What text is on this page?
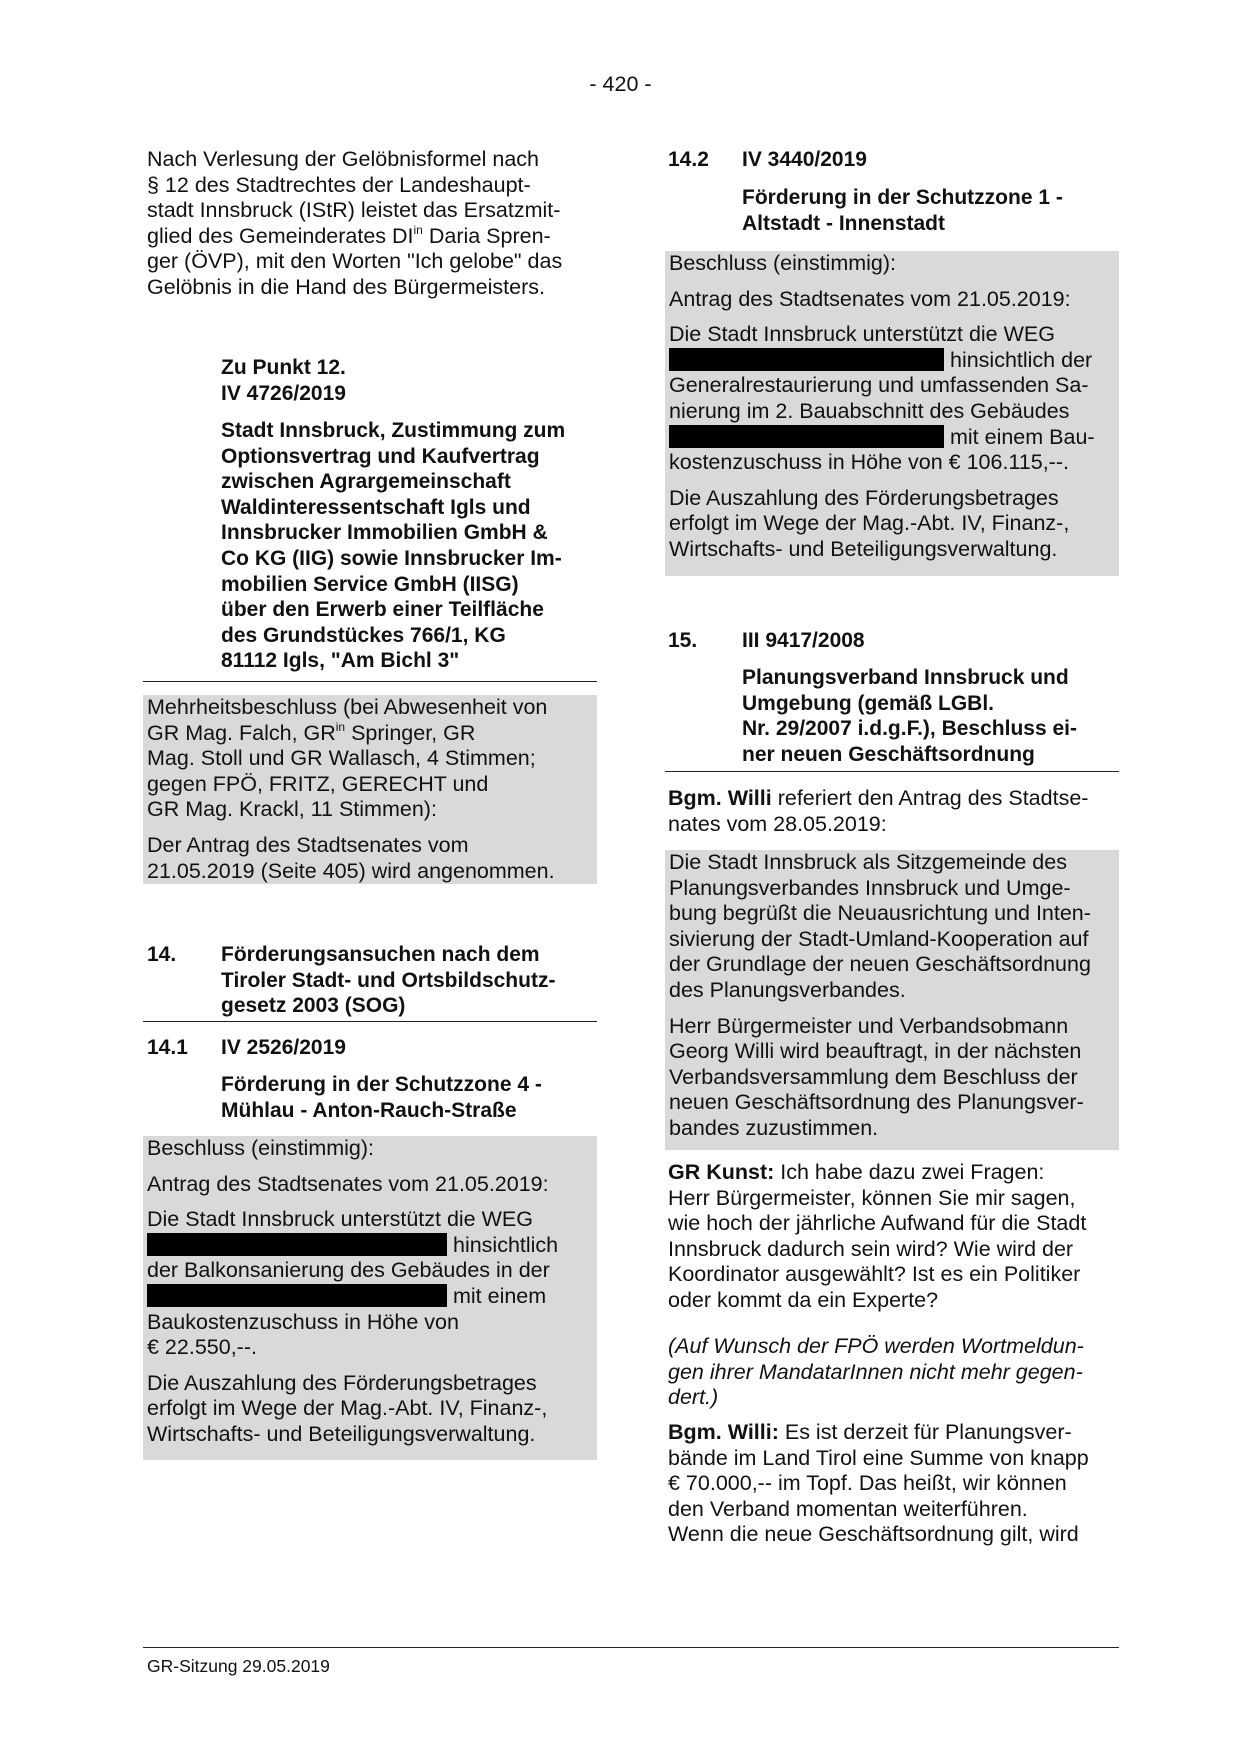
- 420 -
Nach Verlesung der Gelöbnisformel nach
§ 12 des Stadtrechtes der Landeshaupt-
stadt Innsbruck (IStR) leistet das Ersatzmit-
glied des Gemeinderates $DI^{in}$ Daria Spren-
ger (ÖVP), mit den Worten "Ich gelobe" das
Gelöbnis in die Hand des Bürgermeisters.
Zu Punkt 12.
IV 4726/2019
Stadt Innsbruck, Zustimmung zum
Optionsvertrag und Kaufvertrag
zwischen Agrargemeinschaft
Waldinteressentschaft Igls und
Innsbrucker Immobilien GmbH &
Co KG (IIG) sowie Innsbrucker Im-
mobilien Service GmbH (IISG)
über den Erwerb einer Teilfläche
des Grundstückes 766/1, KG
81112 Igls, "Am Bichl 3"
Mehrheitsbeschluss (bei Abwesenheit von
GR Mag. Falch, $GR^{in}$ Springer, GR
Mag. Stoll und GR Wallasch, 4 Stimmen;
gegen FPÖ, FRITZ, GERECHT und
GR Mag. Krackl, 11 Stimmen):
Der Antrag des Stadtsenates vom
21.05.2019 (Seite 405) wird angenommen.
14. Förderungsansuchen nach dem
Tiroler Stadt- und Ortsbildschutz-
gesetz 2003 (SOG)
14.1 IV 2526/2019
Förderung in der Schutzzone 4 -
Mühlau - Anton-Rauch-Straße
Beschluss (einstimmig):
Antrag des Stadtsenates vom 21.05.2019:
Die Stadt Innsbruck unterstützt die WEG
hinsichtlich
der Balkonsanierung des Gebäudes in der
mit einem
Baukostenzuschuss in Höhe von
€ 22.550,--.
Die Auszahlung des Förderungsbetrages
erfolgt im Wege der Mag.-Abt. IV, Finanz-,
Wirtschafts- und Beteiligungsverwaltung.
14.2 IV 3440/2019
Förderung in der Schutzzone 1 -
Altstadt - Innenstadt
Beschluss (einstimmig):
Antrag des Stadtsenates vom 21.05.2019:
Die Stadt Innsbruck unterstützt die WEG
hinsichtlich der
Generalrestaurierung und umfassenden Sa-
nierung im 2. Bauabschnitt des Gebäudes
mit einem Bau-
kostenzuschuss in Höhe von € 106.115,--.
Die Auszahlung des Förderungsbetrages
erfolgt im Wege der Mag.-Abt. IV, Finanz-,
Wirtschafts- und Beteiligungsverwaltung.
15. III 9417/2008
Planungsverband Innsbruck und
Umgebung (gemäß LGBl.
Nr. 29/2007 i.d.g.F.), Beschluss ei-
ner neuen Geschäftsordnung
Bgm. Willi referiert den Antrag des Stadtse-
nates vom 28.05.2019:
Die Stadt Innsbruck als Sitzgemeinde des
Planungsverbandes Innsbruck und Umge-
bung begrüßt die Neuausrichtung und Inten-
sivierung der Stadt-Umland-Kooperation auf
der Grundlage der neuen Geschäftsordnung
des Planungsverbandes.
Herr Bürgermeister und Verbandsobmann
Georg Willi wird beauftragt, in der nächsten
Verbandsversammlung dem Beschluss der
neuen Geschäftsordnung des Planungsver-
bandes zuzustimmen.
GR Kunst: Ich habe dazu zwei Fragen:
Herr Bürgermeister, können Sie mir sagen,
wie hoch der jährliche Aufwand für die Stadt
Innsbruck dadurch sein wird? Wie wird der
Koordinator ausgewählt? Ist es ein Politiker
oder kommt da ein Experte?
(Auf Wunsch der FPÖ werden Wortmeldun-
gen ihrer MandatarInnen nicht mehr gegen-
dert.)
Bgm. Willi: Es ist derzeit für Planungsver-
bände im Land Tirol eine Summe von knapp
€ 70.000,-- im Topf. Das heißt, wir können
den Verband momentan weiterführen.
Wenn die neue Geschäftsordnung gilt, wird
GR-Sitzung 29.05.2019
